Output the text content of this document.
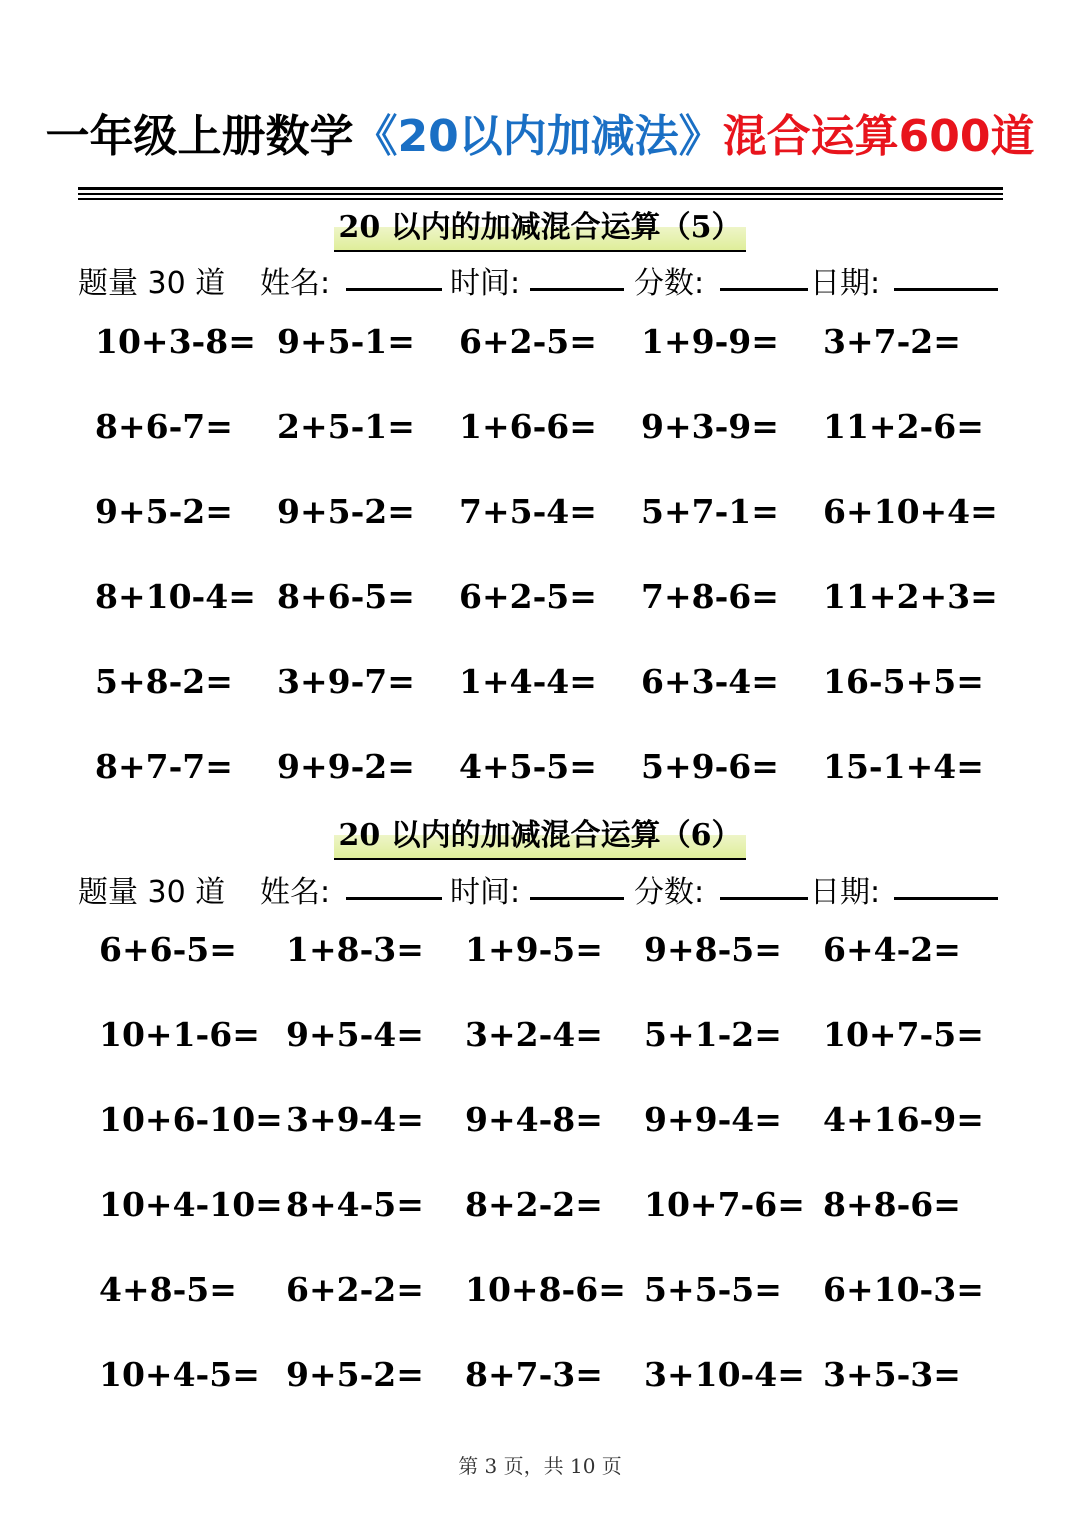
一年级上册数学《20以内加减法》混合运算600道
20 以内的加减混合运算（5）
题量 30 道 姓名:	时间:	分数:	日期:
10+3-8= 9+5-1= 6+2-5= 1+9-9= 3+7-2=
8+6-7= 2+5-1= 1+6-6= 9+3-9= 11+2-6=
9+5-2= 9+5-2= 7+5-4= 5+7-1= 6+10+4=
8+10-4= 8+6-5= 6+2-5= 7+8-6= 11+2+3=
5+8-2= 3+9-7= 1+4-4= 6+3-4= 16-5+5=
8+7-7= 9+9-2= 4+5-5= 5+9-6= 15-1+4=
20 以内的加减混合运算（6）
题量 30 道 姓名:	时间:	分数:	日期:
6+6-5= 1+8-3= 1+9-5= 9+8-5= 6+4-2=
10+1-6= 9+5-4= 3+2-4= 5+1-2= 10+7-5=
10+6-10= 3+9-4= 9+4-8= 9+9-4= 4+16-9=
10+4-10= 8+4-5= 8+2-2= 10+7-6= 8+8-6=
4+8-5= 6+2-2= 10+8-6= 5+5-5= 6+10-3=
10+4-5= 9+5-2= 8+7-3= 3+10-4= 3+5-3=
第 3 页，共 10 页
